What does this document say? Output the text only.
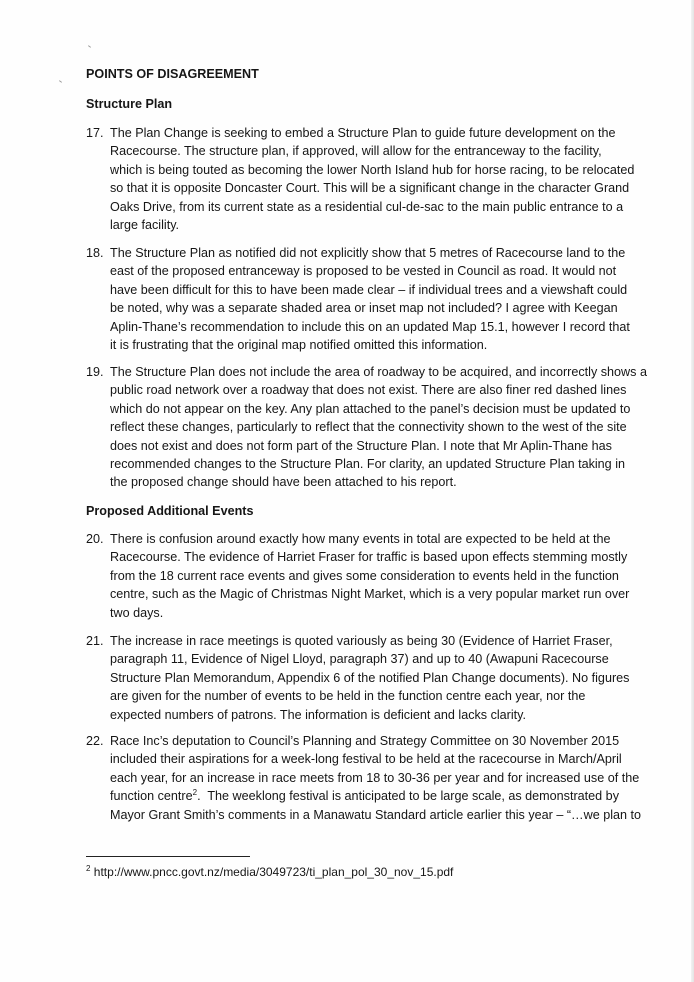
POINTS OF DISAGREEMENT
Structure Plan
17. The Plan Change is seeking to embed a Structure Plan to guide future development on the
Racecourse. The structure plan, if approved, will allow for the entranceway to the facility,
which is being touted as becoming the lower North Island hub for horse racing, to be relocated
so that it is opposite Doncaster Court. This will be a significant change in the character Grand
Oaks Drive, from its current state as a residential cul-de-sac to the main public entrance to a
large facility.
18. The Structure Plan as notified did not explicitly show that 5 metres of Racecourse land to the
east of the proposed entranceway is proposed to be vested in Council as road. It would not
have been difficult for this to have been made clear – if individual trees and a viewshaft could
be noted, why was a separate shaded area or inset map not included? I agree with Keegan
Aplin-Thane’s recommendation to include this on an updated Map 15.1, however I record that
it is frustrating that the original map notified omitted this information.
19. The Structure Plan does not include the area of roadway to be acquired, and incorrectly shows a
public road network over a roadway that does not exist. There are also finer red dashed lines
which do not appear on the key. Any plan attached to the panel’s decision must be updated to
reflect these changes, particularly to reflect that the connectivity shown to the west of the site
does not exist and does not form part of the Structure Plan. I note that Mr Aplin-Thane has
recommended changes to the Structure Plan. For clarity, an updated Structure Plan taking in
the proposed change should have been attached to his report.
Proposed Additional Events
20. There is confusion around exactly how many events in total are expected to be held at the
Racecourse. The evidence of Harriet Fraser for traffic is based upon effects stemming mostly
from the 18 current race events and gives some consideration to events held in the function
centre, such as the Magic of Christmas Night Market, which is a very popular market run over
two days.
21. The increase in race meetings is quoted variously as being 30 (Evidence of Harriet Fraser,
paragraph 11, Evidence of Nigel Lloyd, paragraph 37) and up to 40 (Awapuni Racecourse
Structure Plan Memorandum, Appendix 6 of the notified Plan Change documents). No figures
are given for the number of events to be held in the function centre each year, nor the
expected numbers of patrons. The information is deficient and lacks clarity.
22. Race Inc’s deputation to Council’s Planning and Strategy Committee on 30 November 2015
included their aspirations for a week-long festival to be held at the racecourse in March/April
each year, for an increase in race meets from 18 to 30-36 per year and for increased use of the
function centre$^2$.  The weeklong festival is anticipated to be large scale, as demonstrated by
Mayor Grant Smith’s comments in a Manawatu Standard article earlier this year – “…we plan to
$^2$ http://www.pncc.govt.nz/media/3049723/ti_plan_pol_30_nov_15.pdf
